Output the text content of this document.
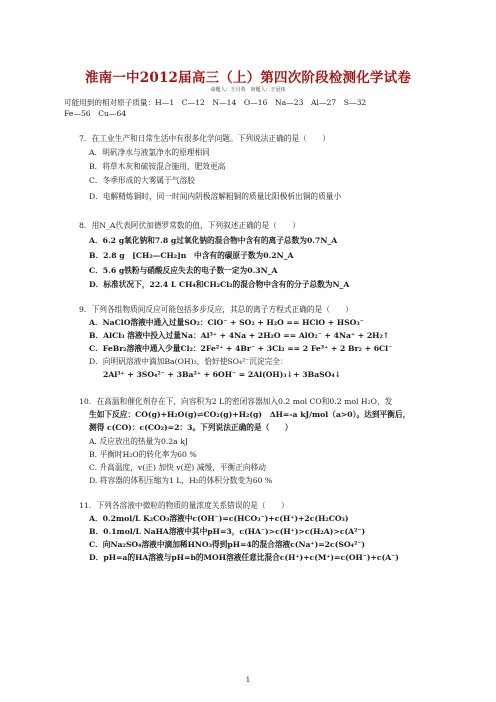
淮南一中2012届高三（上）第四次阶段检测化学试卷
命题人：王月英　审题人：王冠伟
可能用到的相对原子质量：H—1　C—12　N—14　O—16　Na—23　Al—27　S—32
Fe—56　Cu—64
7．在工业生产和日常生活中有很多化学问题。下列说法正确的是（　　）
A．明矾净水与液氯净水的原理相同
B．将草木灰和硫铵混合施用，肥效更高
C．冬季形成的大雾属于气溶胶
D．电解精炼铜时，同一时间内阴极溶解粗铜的质量比阳极析出铜的质量小
8．用N_A代表阿伏加德罗常数的值，下列叙述正确的是（　　）
A．6.2 g氧化钠和7.8 g过氧化钠的混合物中含有的离子总数为0.7N_A
B．2.8 g　[CH₂—CH₂]n　中含有的碳原子数为0.2N_A
C．5.6 g铁粉与硝酸反应失去的电子数一定为0.3N_A
D．标准状况下，22.4 L CH₄和CH₂Cl₂的混合物中含有的分子总数为N_A
9．下列各组物质间反应可能包括多步反应，其总的离子方程式正确的是（　　）
A．NaClO溶液中通入过量SO₂：ClO⁻ + SO₂ + H₂O == HClO + HSO₃⁻
B．AlCl₃ 溶液中投入过量Na：Al³⁺ + 4Na + 2H₂O == AlO₂⁻ + 4Na⁺ + 2H₂↑
C．FeBr₂溶液中通入少量Cl₂：2Fe²⁺ + 4Br⁻ + 3Cl₂ == 2 Fe³⁺ + 2 Br₂ + 6Cl⁻
D．向明矾溶液中滴加Ba(OH)₂，恰好使SO₄²⁻沉淀完全：
2Al³⁺ + 3SO₄²⁻ + 3Ba²⁺ + 6OH⁻ = 2Al(OH)₃↓+ 3BaSO₄↓
10．在高温和催化剂存在下，向容积为2 L的密闭容器加入0.2 mol CO和0.2 mol H₂O，发
生如下反应：CO(g)+H₂O(g)⇌CO₂(g)+H₂(g)　ΔH=-a kJ/mol（a>0）。达到平衡后，
测得 c(CO)：c(CO₂)=2：3。下列说法正确的是（　　）
A. 反应放出的热量为0.2a kJ
B. 平衡时H₂O的转化率为60 %
C. 升高温度，v(正) 加快 v(逆) 减慢，平衡正向移动
D. 将容器的体积压缩为1 L，H₂的体积分数变为60 %
11．下列各溶液中微粒的物质的量浓度关系错误的是（　　）
A．0.2mol/L K₂CO₃溶液中c(OH⁻)=c(HCO₃⁻)+c(H⁺)+2c(H₂CO₃)
B．0.1mol/L NaHA溶液中其中pH=3，c(HA⁻)>c(H⁺)>c(H₂A)>c(A²⁻)
C．向Na₂SO₄溶液中滴加稀HNO₃得到pH=4的混合溶液c(Na⁺)=2c(SO₄²⁻)
D．pH=a的HA溶液与pH=b的MOH溶液任意比混合c(H⁺)+c(M⁺)=c(OH⁻)+c(A⁻)
1
